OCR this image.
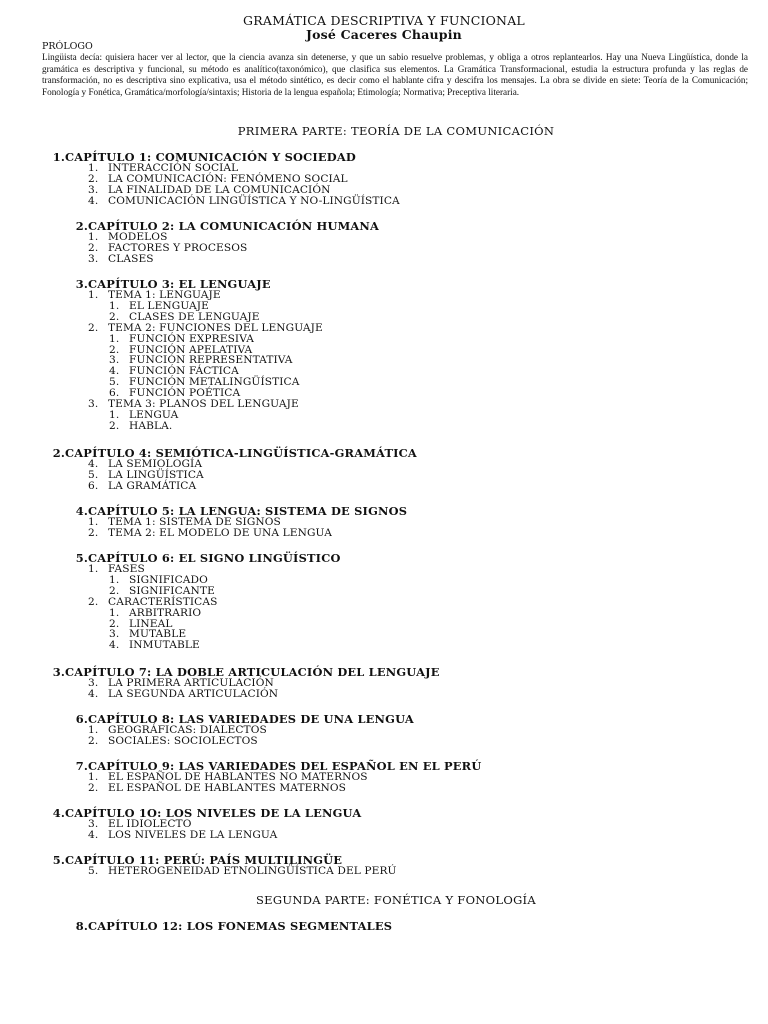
GRAMÁTICA DESCRIPTIVA Y FUNCIONAL
José Caceres Chaupin
PRÓLOGO
Lingüista decía: quisiera hacer ver al lector, que la ciencia avanza sin detenerse, y que un sabio resuelve problemas, y obliga a otros replantearlos. Hay una Nueva Lingüística, donde la gramática es descriptiva y funcional, su método es analítico(taxonómico), que clasifica sus elementos. La Gramática Transformacional, estudia la estructura profunda y las reglas de transformación, no es descriptiva sino explicativa, usa el método sintético, es decir como el hablante cifra y descifra los mensajes. La obra se divide en siete: Teoría de la Comunicación; Fonología y Fonética, Gramática/morfología/sintaxis; Historia de la lengua española; Etimología; Normativa; Preceptiva literaria.
PRIMERA PARTE: TEORÍA DE LA COMUNICACIÓN
SEGUNDA PARTE: FONÉTICA Y FONOLOGÍA
1.CAPÍTULO 1: COMUNICACIÓN Y SOCIEDAD
1. INTERACCIÓN SOCIAL
2. LA COMUNICACIÓN: FENÓMENO SOCIAL
3. LA FINALIDAD DE LA COMUNICACIÓN
4. COMUNICACIÓN LINGÜÍSTICA Y NO-LINGÜÍSTICA
2.CAPÍTULO 2: LA COMUNICACIÓN HUMANA
1. MODELOS
2. FACTORES Y PROCESOS
3. CLASES
3.CAPÍTULO 3: EL LENGUAJE
1. TEMA 1: LENGUAJE
1. EL LENGUAJE
2. CLASES DE LENGUAJE
2. TEMA 2: FUNCIONES DEL LENGUAJE
1. FUNCIÓN EXPRESIVA
2. FUNCIÓN APELATIVA
3. FUNCIÓN REPRESENTATIVA
4. FUNCIÓN FÁCTICA
5. FUNCIÓN METALINGÜÍSTICA
6. FUNCIÓN POÉTICA
3. TEMA 3: PLANOS DEL LENGUAJE
1. LENGUA
2. HABLA.
2.CAPÍTULO 4: SEMIÓTICA-LINGÜÍSTICA-GRAMÁTICA
4. LA SEMIOLOGÍA
5. LA LINGÜÍSTICA
6. LA GRAMÁTICA
4.CAPÍTULO 5: LA LENGUA: SISTEMA DE SIGNOS
1. TEMA 1: SISTEMA DE SIGNOS
2. TEMA 2: EL MODELO DE UNA LENGUA
5.CAPÍTULO 6: EL SIGNO LINGÜÍSTICO
1. FASES
1. SIGNIFICADO
2. SIGNIFICANTE
2. CARACTERÍSTICAS
1. ARBITRARIO
2. LINEAL
3. MUTABLE
4. INMUTABLE
3.CAPÍTULO 7: LA DOBLE ARTICULACIÓN DEL LENGUAJE
3. LA PRIMERA ARTICULACIÓN
4. LA SEGUNDA ARTICULACIÓN
6.CAPÍTULO 8: LAS VARIEDADES DE UNA LENGUA
1. GEOGRÁFICAS: DIALECTOS
2. SOCIALES: SOCIOLECTOS
7.CAPÍTULO 9: LAS VARIEDADES DEL ESPAÑOL EN EL PERÚ
1. EL ESPAÑOL DE HABLANTES NO MATERNOS
2. EL ESPAÑOL DE HABLANTES MATERNOS
4.CAPÍTULO 1O: LOS NIVELES DE LA LENGUA
3. EL IDIOLECTO
4. LOS NIVELES DE LA LENGUA
5.CAPÍTULO 11: PERÚ: PAÍS MULTILINGÜE
5. HETEROGENEIDAD ETNOLINGÜÍSTICA DEL PERÚ
8.CAPÍTULO 12: LOS FONEMAS SEGMENTALES
